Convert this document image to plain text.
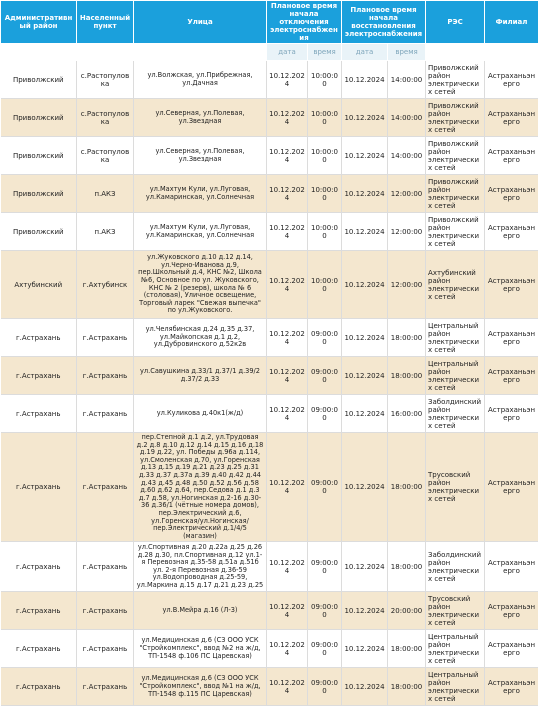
Административный район	Населенный пункт	Улица	Плановое время начала отключения электроснабжения		Плановое время начала восстановления электроснабжения		РЭС	Филиал
			дата	время	дата	время		
Приволжский	с.Растопуловка	ул.Волжская, ул.Прибрежная, ул.Дачная	10.12.2024	10:00:00	10.12.2024	14:00:00	Приволжский район электрических сетей	Астраханьэнерго
Приволжский	с.Растопуловка	ул.Северная, ул.Полевая, ул.Звездная	10.12.2024	10:00:00	10.12.2024	14:00:00	Приволжский район электрических сетей	Астраханьэнерго
Приволжский	с.Растопуловка	ул.Северная, ул.Полевая, ул.Звездная	10.12.2024	10:00:00	10.12.2024	14:00:00	Приволжский район электрических сетей	Астраханьэнерго
Приволжский	п.АКЗ	ул.Махтум Кули, ул.Луговая, ул.Камаринская, ул.Солнечная	10.12.2024	10:00:00	10.12.2024	12:00:00	Приволжский район электрических сетей	Астраханьэнерго
Приволжский	п.АКЗ	ул.Махтум Кули, ул.Луговая, ул.Камаринская, ул.Солнечная	10.12.2024	10:00:00	10.12.2024	12:00:00	Приволжский район электрических сетей	Астраханьэнерго
Ахтубинский	г.Ахтубинск	ул.Жуковского д.10 д.12 д.14, ул.Черно-Иванова д.9, пер.Школьный д.4, КНС №2, Школа №6, Основное по ул. Жуковского, КНС № 2 (резерв), школа № 6 (столовая), Уличное освещение, Торговый ларек "Свежая выпечка" по ул.Жуковского.	10.12.2024	10:00:00	10.12.2024	12:00:00	Ахтубинский район электрических сетей	Астраханьэнерго
г.Астрахань	г.Астрахань	ул.Челябинская д.24 д.35 д.37, ул.Майкопская д.1 д.2, ул.Дубровинского д.52к2в	10.12.2024	09:00:00	10.12.2024	18:00:00	Центральный район электрических сетей	Астраханьэнерго
г.Астрахань	г.Астрахань	ул.Савушкина д.33/1 д.37/1 д.39/2 д.37/2 д.33	10.12.2024	09:00:00	10.12.2024	18:00:00	Центральный район электрических сетей	Астраханьэнерго
г.Астрахань	г.Астрахань	ул.Куликова д.40к1(ж/д)	10.12.2024	09:00:00	10.12.2024	16:00:00	Заболдинский район электрических сетей	Астраханьэнерго
г.Астрахань	г.Астрахань	пер.Степной д.1 д.2, ул.Трудовая д.2 д.8 д.10 д.12 д.14 д.15 д.16 д.18 д.19 д.22, ул. Победы д.96а д.114, ул.Смоленская д.70, ул.Горенская д.13 д.15 д.19 д.21 д.23 д.25 д.31 д.33 д.37 д.37а д.39 д.40 д.42 д.44 д.43 д.45 д.48 д.50 д.52 д.56 д.58 д.60 д.62 д.64, пер.Седова д.1 д.3 д.7 д.58, ул.Ногинская д.2-16 д.30-36 д.36/1 (чётные номера домов), пер.Электрический д.6, ул.Горенская/ул.Ногинская/ пер.Электрический д.1/4/5 (магазин)	10.12.2024	09:00:00	10.12.2024	18:00:00	Трусовский район электрических сетей	Астраханьэнерго
г.Астрахань	г.Астрахань	ул.Спортивная д.20 д.22а д.25 д.26 д.28 д.30, пл.Спортивная д.12 ул.1-я Перевозная д.35-58 д.51а д.51б ул. 2-я Перевозная д.36-59 ул.Водопроводная д.25-59, ул.Маркина д.15 д.17 д.21 д.23 д.25	10.12.2024	09:00:00	10.12.2024	18:00:00	Заболдинский район электрических сетей	Астраханьэнерго
г.Астрахань	г.Астрахань	ул.В.Мейра д.16 (Л-3)	10.12.2024	09:00:00	10.12.2024	20:00:00	Трусовский район электрических сетей	Астраханьэнерго
г.Астрахань	г.Астрахань	ул.Медицинская д.6 (СЗ ООО УСК "Стройкомплекс", ввод №2 на ж/д, ТП-1548 ф.106 ПС Царевская)	10.12.2024	09:00:00	10.12.2024	18:00:00	Центральный район электрических сетей	Астраханьэнерго
г.Астрахань	г.Астрахань	ул.Медицинская д.6 (СЗ ООО УСК "Стройкомплекс", ввод №1 на ж/д, ТП-1548 ф.115 ПС Царевская)	10.12.2024	09:00:00	10.12.2024	18:00:00	Центральный район электрических сетей	Астраханьэнерго
